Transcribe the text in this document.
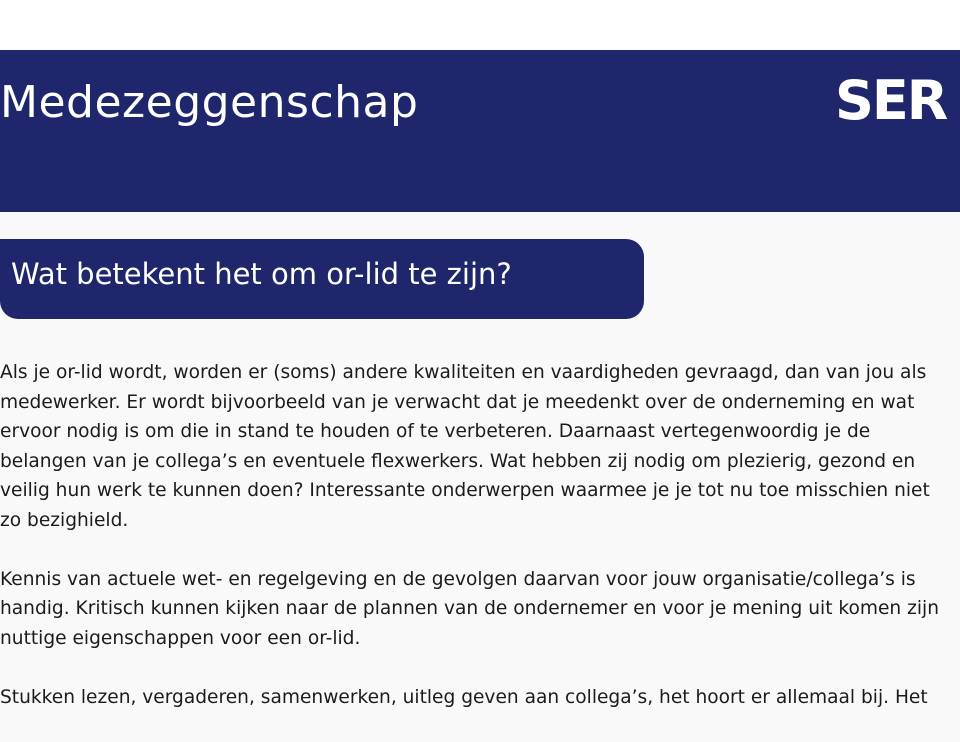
Medezeggenschap	SER
Wat betekent het om or-lid te zijn?

Als je or-lid wordt, worden er (soms) andere kwaliteiten en vaardigheden gevraagd, dan van jou als medewerker. Er wordt bijvoorbeeld van je verwacht dat je meedenkt over de onderneming en wat ervoor nodig is om die in stand te houden of te verbeteren. Daarnaast vertegenwoordig je de belangen van je collega’s en eventuele flexwerkers. Wat hebben zij nodig om plezierig, gezond en veilig hun werk te kunnen doen? Interessante onderwerpen waarmee je je tot nu toe misschien niet zo bezighield.

Kennis van actuele wet- en regelgeving en de gevolgen daarvan voor jouw organisatie/collega’s is handig. Kritisch kunnen kijken naar de plannen van de ondernemer en voor je mening uit komen zijn nuttige eigenschappen voor een or-lid.

Stukken lezen, vergaderen, samenwerken, uitleg geven aan collega’s, het hoort er allemaal bij. Het
